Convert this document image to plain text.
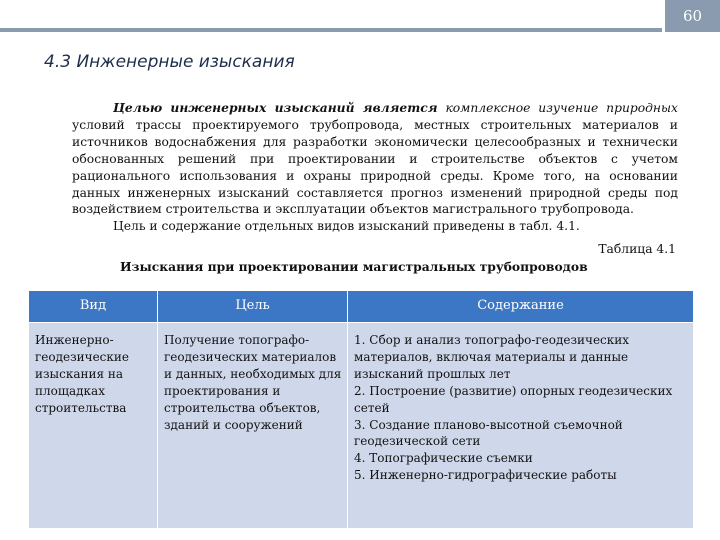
60
4.3 Инженерные изыскания

Целью инженерных изысканий является комплексное изучение природных условий трассы проектируемого трубопровода, местных строительных материалов и источников водоснабжения для разработки экономически целесообразных и технически обоснованных решений при проектировании и строительстве объектов с учетом рационального использования и охраны природной среды. Кроме того, на основании данных инженерных изысканий составляется прогноз изменений природной среды под воздействием строительства и эксплуатации объектов магистрального трубопровода.

Цель и содержание отдельных видов изысканий приведены в табл. 4.1.

Таблица 4.1
Изыскания при проектировании магистральных трубопроводов
Вид	Цель	Содержание
Инженерно-геодезические изыскания на площадках строительства	Получение топографо-геодезических материалов и данных, необходимых для проектирования и строительства объектов, зданий и сооружений	1. Сбор и анализ топографо-геодезических материалов, включая материалы и данные изысканий прошлых лет
2. Построение (развитие) опорных геодезических сетей
3. Создание планово-высотной съемочной геодезической сети
4. Топографические съемки
5. Инженерно-гидрографические работы
